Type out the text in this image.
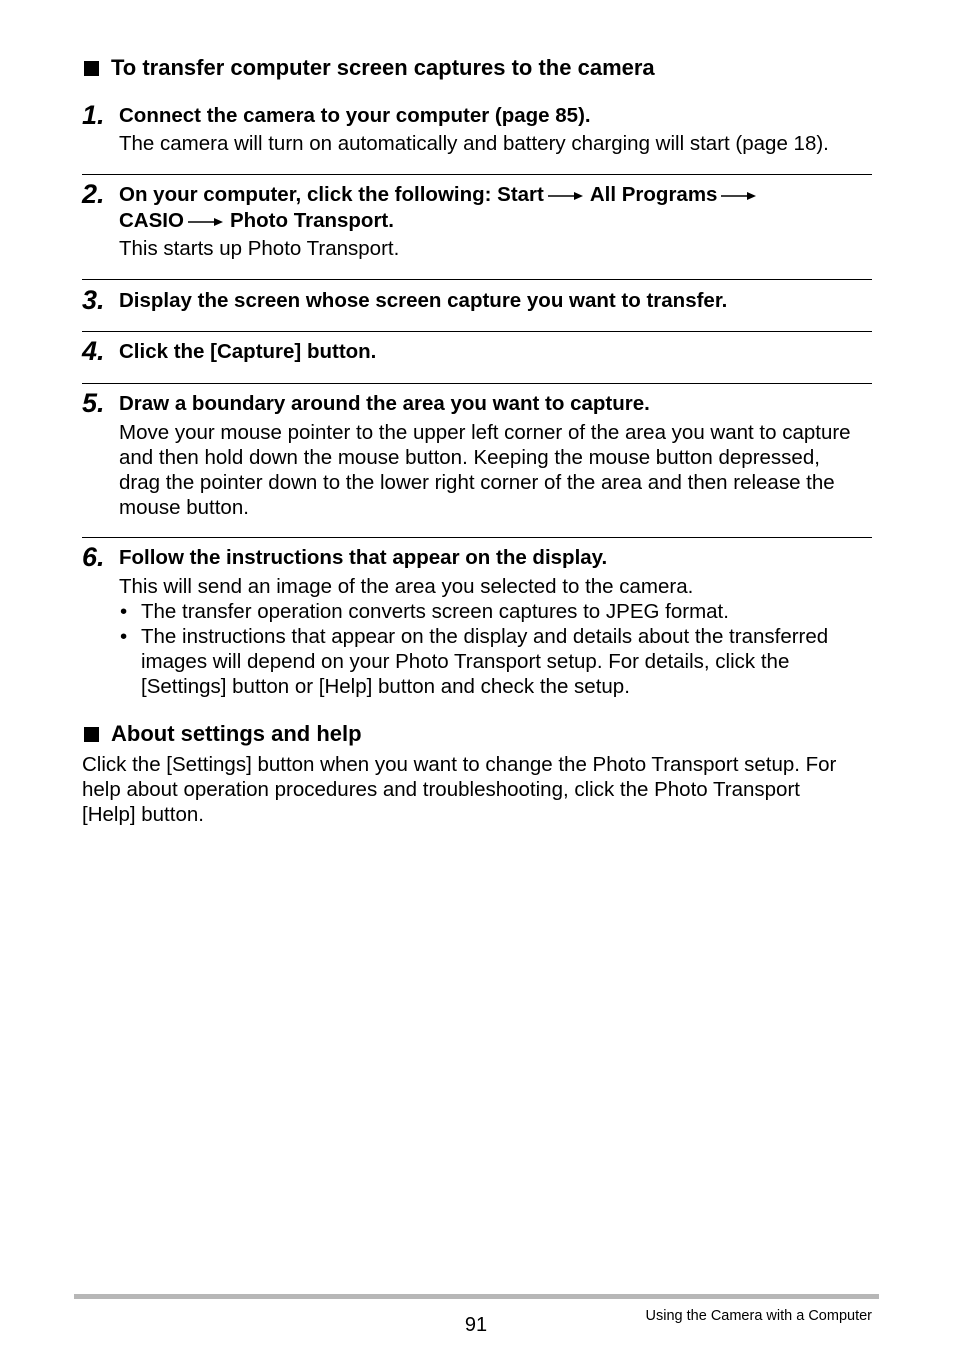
To transfer computer screen captures to the camera
1. Connect the camera to your computer (page 85).
The camera will turn on automatically and battery charging will start (page 18).
2. On your computer, click the following: Start All Programs
CASIO Photo Transport.
This starts up Photo Transport.
3. Display the screen whose screen capture you want to transfer.
4. Click the [Capture] button.
5. Draw a boundary around the area you want to capture.
Move your mouse pointer to the upper left corner of the area you want to capture
and then hold down the mouse button. Keeping the mouse button depressed,
drag the pointer down to the lower right corner of the area and then release the
mouse button.
6. Follow the instructions that appear on the display.
This will send an image of the area you selected to the camera.
• The transfer operation converts screen captures to JPEG format.
• The instructions that appear on the display and details about the transferred
images will depend on your Photo Transport setup. For details, click the
[Settings] button or [Help] button and check the setup.
About settings and help
Click the [Settings] button when you want to change the Photo Transport setup. For
help about operation procedures and troubleshooting, click the Photo Transport
[Help] button.
91	Using the Camera with a Computer
